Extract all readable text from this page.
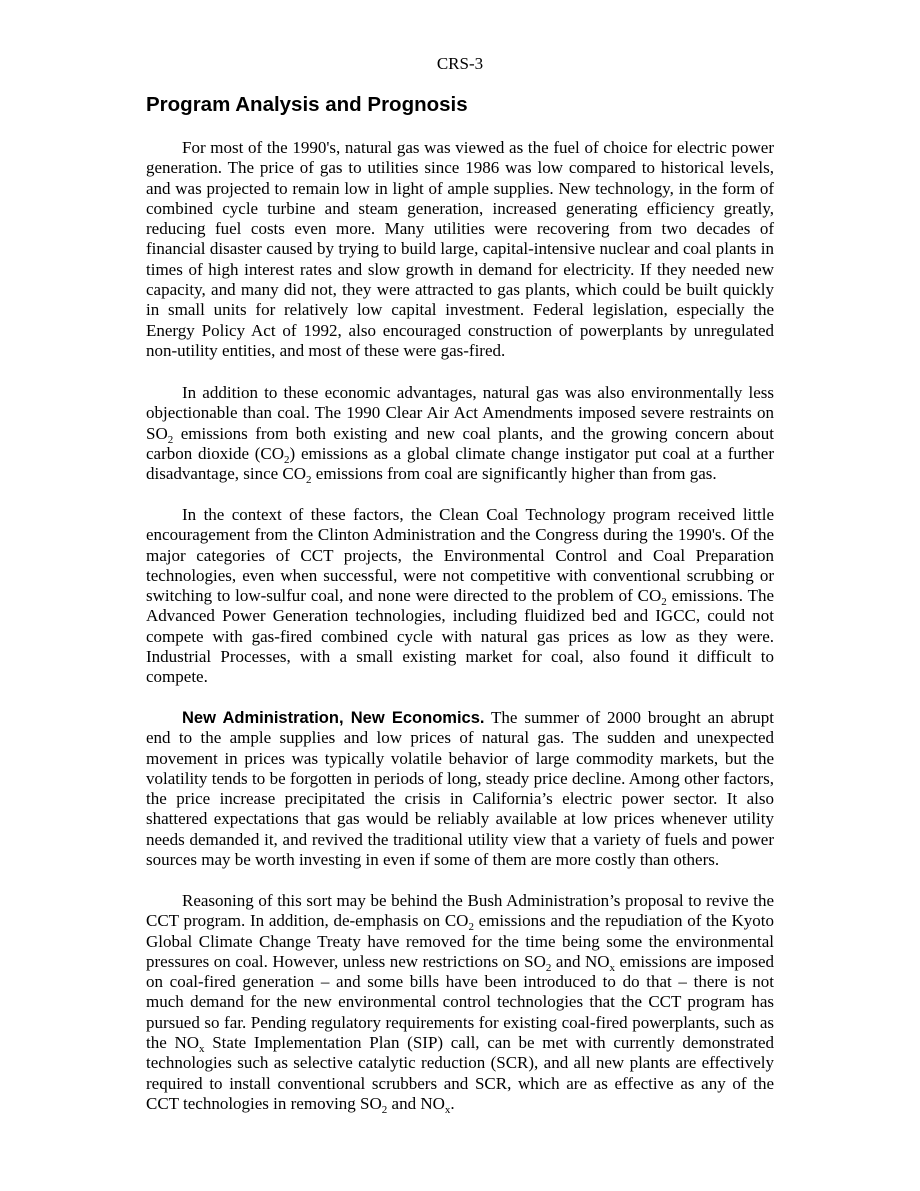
CRS-3
Program Analysis and Prognosis

For most of the 1990's, natural gas was viewed as the fuel of choice for electric power generation. The price of gas to utilities since 1986 was low compared to historical levels, and was projected to remain low in light of ample supplies. New technology, in the form of combined cycle turbine and steam generation, increased generating efficiency greatly, reducing fuel costs even more. Many utilities were recovering from two decades of financial disaster caused by trying to build large, capital-intensive nuclear and coal plants in times of high interest rates and slow growth in demand for electricity. If they needed new capacity, and many did not, they were attracted to gas plants, which could be built quickly in small units for relatively low capital investment. Federal legislation, especially the Energy Policy Act of 1992, also encouraged construction of powerplants by unregulated non-utility entities, and most of these were gas-fired.

In addition to these economic advantages, natural gas was also environmentally less objectionable than coal. The 1990 Clear Air Act Amendments imposed severe restraints on $SO_2$ emissions from both existing and new coal plants, and the growing concern about carbon dioxide $(CO_2)$ emissions as a global climate change instigator put coal at a further disadvantage, since $CO_2$ emissions from coal are significantly higher than from gas.

In the context of these factors, the Clean Coal Technology program received little encouragement from the Clinton Administration and the Congress during the 1990's. Of the major categories of CCT projects, the Environmental Control and Coal Preparation technologies, even when successful, were not competitive with conventional scrubbing or switching to low-sulfur coal, and none were directed to the problem of $CO_2$ emissions. The Advanced Power Generation technologies, including fluidized bed and IGCC, could not compete with gas-fired combined cycle with natural gas prices as low as they were. Industrial Processes, with a small existing market for coal, also found it difficult to compete.

New Administration, New Economics. The summer of 2000 brought an abrupt end to the ample supplies and low prices of natural gas. The sudden and unexpected movement in prices was typically volatile behavior of large commodity markets, but the volatility tends to be forgotten in periods of long, steady price decline. Among other factors, the price increase precipitated the crisis in California’s electric power sector. It also shattered expectations that gas would be reliably available at low prices whenever utility needs demanded it, and revived the traditional utility view that a variety of fuels and power sources may be worth investing in even if some of them are more costly than others.

Reasoning of this sort may be behind the Bush Administration’s proposal to revive the CCT program. In addition, de-emphasis on $CO_2$ emissions and the repudiation of the Kyoto Global Climate Change Treaty have removed for the time being some the environmental pressures on coal. However, unless new restrictions on $SO_2$ and $NO_x$ emissions are imposed on coal-fired generation – and some bills have been introduced to do that – there is not much demand for the new environmental control technologies that the CCT program has pursued so far. Pending regulatory requirements for existing coal-fired powerplants, such as the $NO_x$ State Implementation Plan (SIP) call, can be met with currently demonstrated technologies such as selective catalytic reduction (SCR), and all new plants are effectively required to install conventional scrubbers and SCR, which are as effective as any of the CCT technologies in removing $SO_2$ and $NO_x$.
